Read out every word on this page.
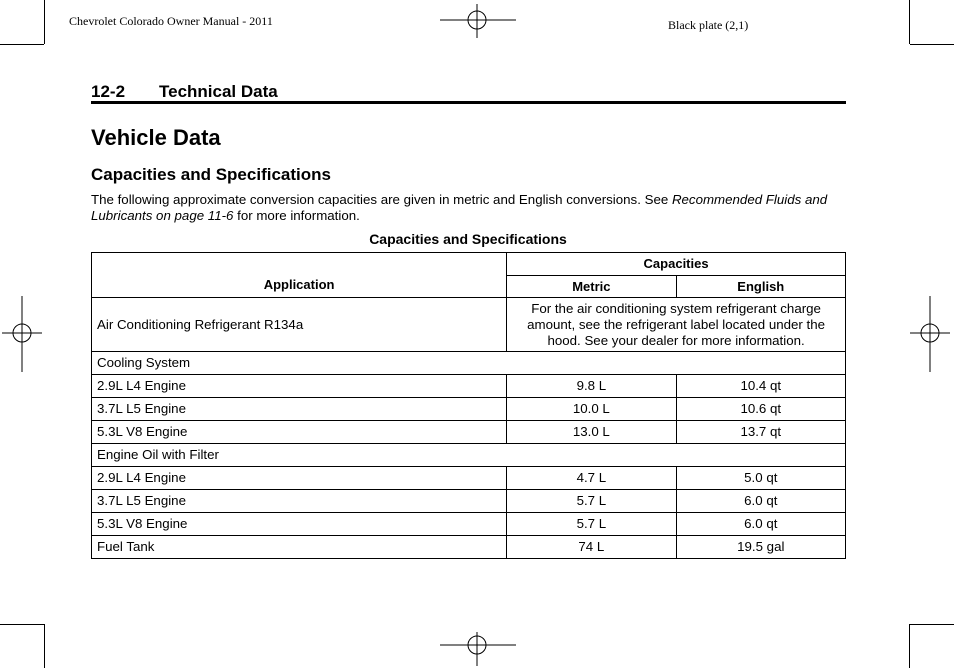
Chevrolet Colorado Owner Manual - 2011	Black plate (2,1)
12-2 Technical Data
Vehicle Data
Capacities and Specifications
The following approximate conversion capacities are given in metric and English conversions. See Recommended Fluids and Lubricants on page 11-6 for more information.
Capacities and Specifications
Application	Capacities	
	Metric	English
Air Conditioning Refrigerant R134a	For the air conditioning system refrigerant charge amount, see the refrigerant label located under the hood. See your dealer for more information.	
Cooling System		
2.9L L4 Engine	9.8 L	10.4 qt
3.7L L5 Engine	10.0 L	10.6 qt
5.3L V8 Engine	13.0 L	13.7 qt
Engine Oil with Filter		
2.9L L4 Engine	4.7 L	5.0 qt
3.7L L5 Engine	5.7 L	6.0 qt
5.3L V8 Engine	5.7 L	6.0 qt
Fuel Tank	74 L	19.5 gal
